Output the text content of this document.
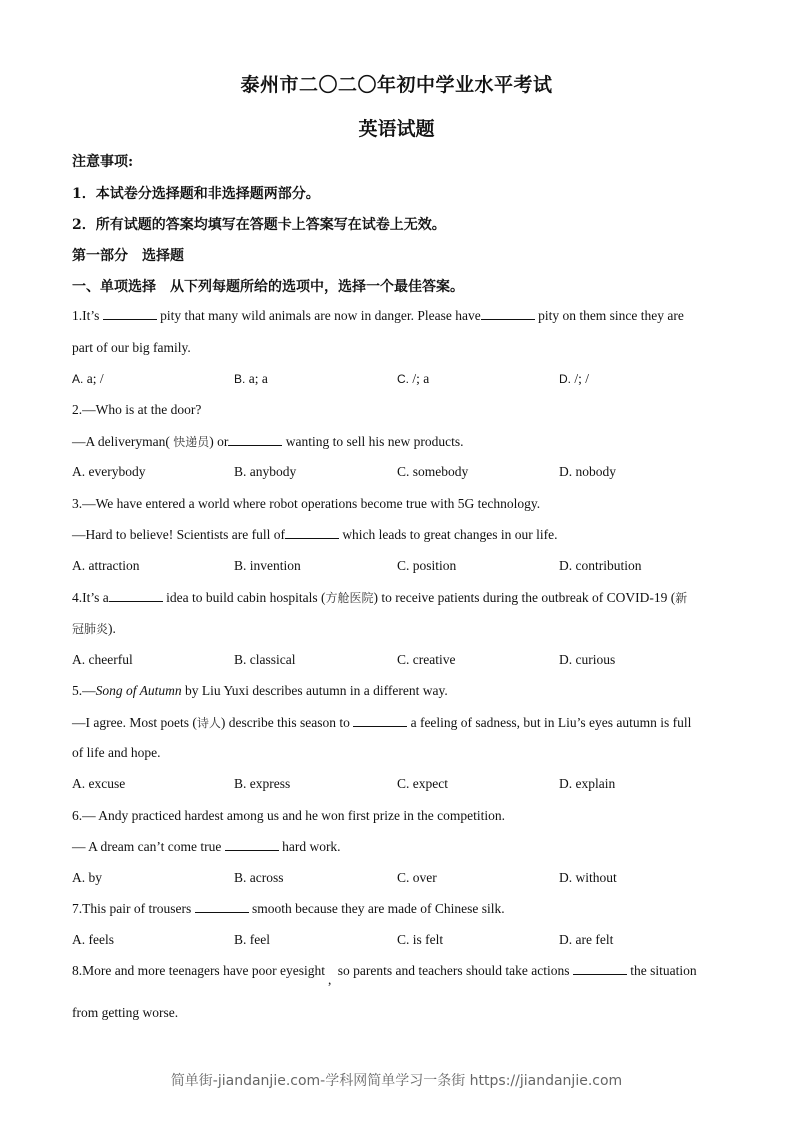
泰州市二〇二〇年初中学业水平考试
英语试题
注意事项:
1．本试卷分选择题和非选择题两部分。
2．所有试题的答案均填写在答题卡上答案写在试卷上无效。
第一部分　选择题
一、单项选择　从下列每题所给的选项中，选择一个最佳答案。
1.It’s	pity that many wild animals are now in danger. Please have	pity on them since they are
part of our big family.
A. a; /	B. a; a	C. /; a	D. /; /
2.—Who is at the door?
—A deliveryman( 快递员) or	wanting to sell his new products.
A. everybody	B. anybody	C. somebody	D. nobody
3.—We have entered a world where robot operations become true with 5G technology.
—Hard to believe! Scientists are full of	which leads to great changes in our life.
A. attraction	B. invention	C. position	D. contribution
4.It’s a	idea to build cabin hospitals (方舱医院) to receive patients during the outbreak of COVID-19 (新
冠肺炎).
A. cheerful	B. classical	C. creative	D. curious
5.—Song of Autumn by Liu Yuxi describes autumn in a different way.
—I agree. Most poets (诗人) describe this season to	a feeling of sadness, but in Liu’s eyes autumn is full
of life and hope.
A. excuse	B. express	C. expect	D. explain
6.— Andy practiced hardest among us and he won first prize in the competition.
— A dream can’t come true	hard work.
A. by	B. across	C. over	D. without
7.This pair of trousers	smooth because they are made of Chinese silk.
A. feels	B. feel	C. is felt	D. are felt
8.More and more teenagers have poor eyesight, so parents and teachers should take actions	the situation
from getting worse.
简单街-jiandanjie.com-学科网简单学习一条街 https://jiandanjie.com
